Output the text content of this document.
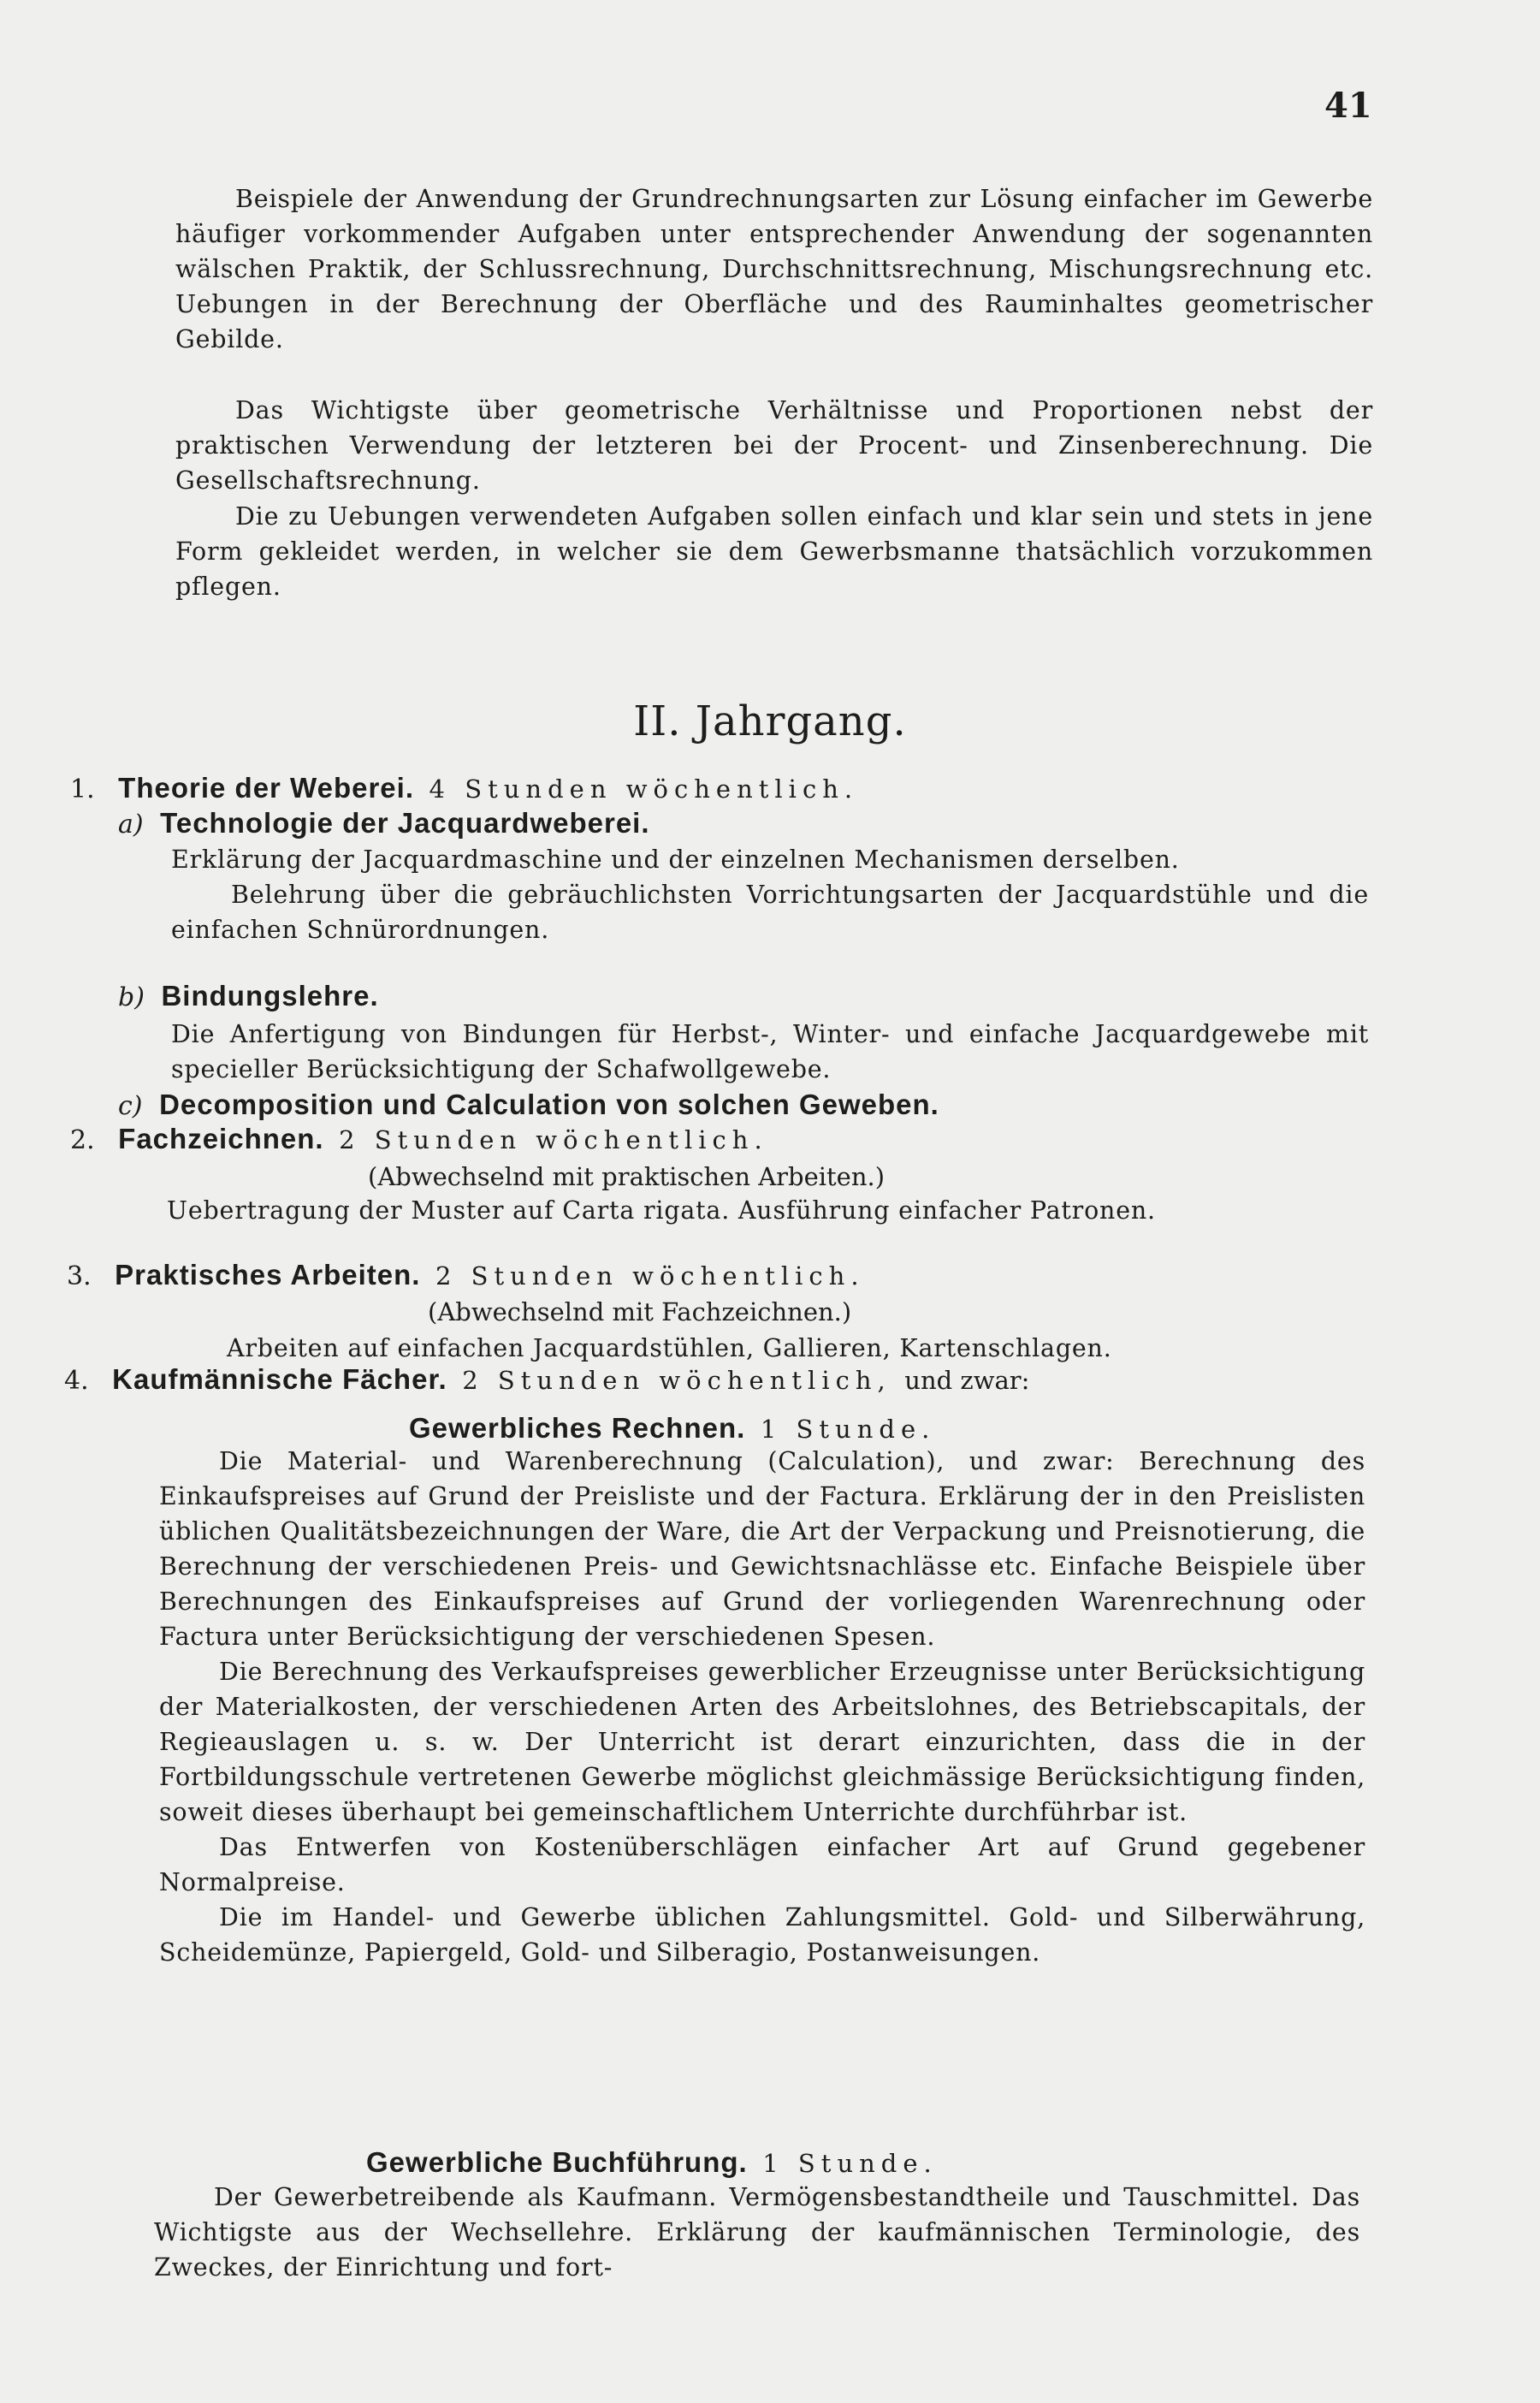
41
Beispiele der Anwendung der Grundrechnungsarten zur Lösung einfacher im Gewerbe häufiger vorkommender Aufgaben unter entsprechender Anwendung der sogenannten wälschen Praktik, der Schlussrechnung, Durchschnittsrechnung, Mischungsrechnung etc. Uebungen in der Berechnung der Oberfläche und des Rauminhaltes geometrischer Gebilde.
Das Wichtigste über geometrische Verhältnisse und Proportionen nebst der praktischen Verwendung der letzteren bei der Procent- und Zinsenberechnung. Die Gesellschaftsrechnung.
Die zu Uebungen verwendeten Aufgaben sollen einfach und klar sein und stets in jene Form gekleidet werden, in welcher sie dem Gewerbsmanne thatsächlich vorzukommen pflegen.
II. Jahrgang.
1. Theorie der Weberei. 4 Stunden wöchentlich.
a) Technologie der Jacquardweberei.

Erklärung der Jacquardmaschine und der einzelnen Mechanismen derselben.

Belehrung über die gebräuchlichsten Vorrichtungsarten der Jacquardstühle und die einfachen Schnürordnungen.

b) Bindungslehre.

Die Anfertigung von Bindungen für Herbst-, Winter- und einfache Jacquardgewebe mit specieller Berücksichtigung der Schafwollgewebe.

c) Decomposition und Calculation von solchen Geweben.
2. Fachzeichnen. 2 Stunden wöchentlich.
(Abwechselnd mit praktischen Arbeiten.)

Uebertragung der Muster auf Carta rigata. Ausführung einfacher Patronen.

3. Praktisches Arbeiten. 2 Stunden wöchentlich.
(Abwechselnd mit Fachzeichnen.)

Arbeiten auf einfachen Jacquardstühlen, Gallieren, Kartenschlagen.

4. Kaufmännische Fächer. 2 Stunden wöchentlich, und zwar:
Gewerbliches Rechnen. 1 Stunde.

Die Material- und Warenberechnung (Calculation), und zwar: Berechnung des Einkaufspreises auf Grund der Preisliste und der Factura. Erklärung der in den Preislisten üblichen Qualitätsbezeichnungen der Ware, die Art der Verpackung und Preisnotierung, die Berechnung der verschiedenen Preis- und Gewichtsnachlässe etc. Einfache Beispiele über Berechnungen des Einkaufspreises auf Grund der vorliegenden Warenrechnung oder Factura unter Berücksichtigung der verschiedenen Spesen.

Die Berechnung des Verkaufspreises gewerblicher Erzeugnisse unter Berücksichtigung der Materialkosten, der verschiedenen Arten des Arbeitslohnes, des Betriebscapitals, der Regieauslagen u. s. w. Der Unterricht ist derart einzurichten, dass die in der Fortbildungsschule vertretenen Gewerbe möglichst gleichmässige Berücksichtigung finden, soweit dieses überhaupt bei gemeinschaftlichem Unterrichte durchführbar ist.

Das Entwerfen von Kostenüberschlägen einfacher Art auf Grund gegebener Normalpreise.

Die im Handel- und Gewerbe üblichen Zahlungsmittel. Gold- und Silberwährung, Scheidemünze, Papiergeld, Gold- und Silberagio, Postanweisungen.

Gewerbliche Buchführung. 1 Stunde.

Der Gewerbetreibende als Kaufmann. Vermögensbestandtheile und Tauschmittel. Das Wichtigste aus der Wechsellehre. Erklärung der kaufmännischen Terminologie, des Zweckes, der Einrichtung und fort-
